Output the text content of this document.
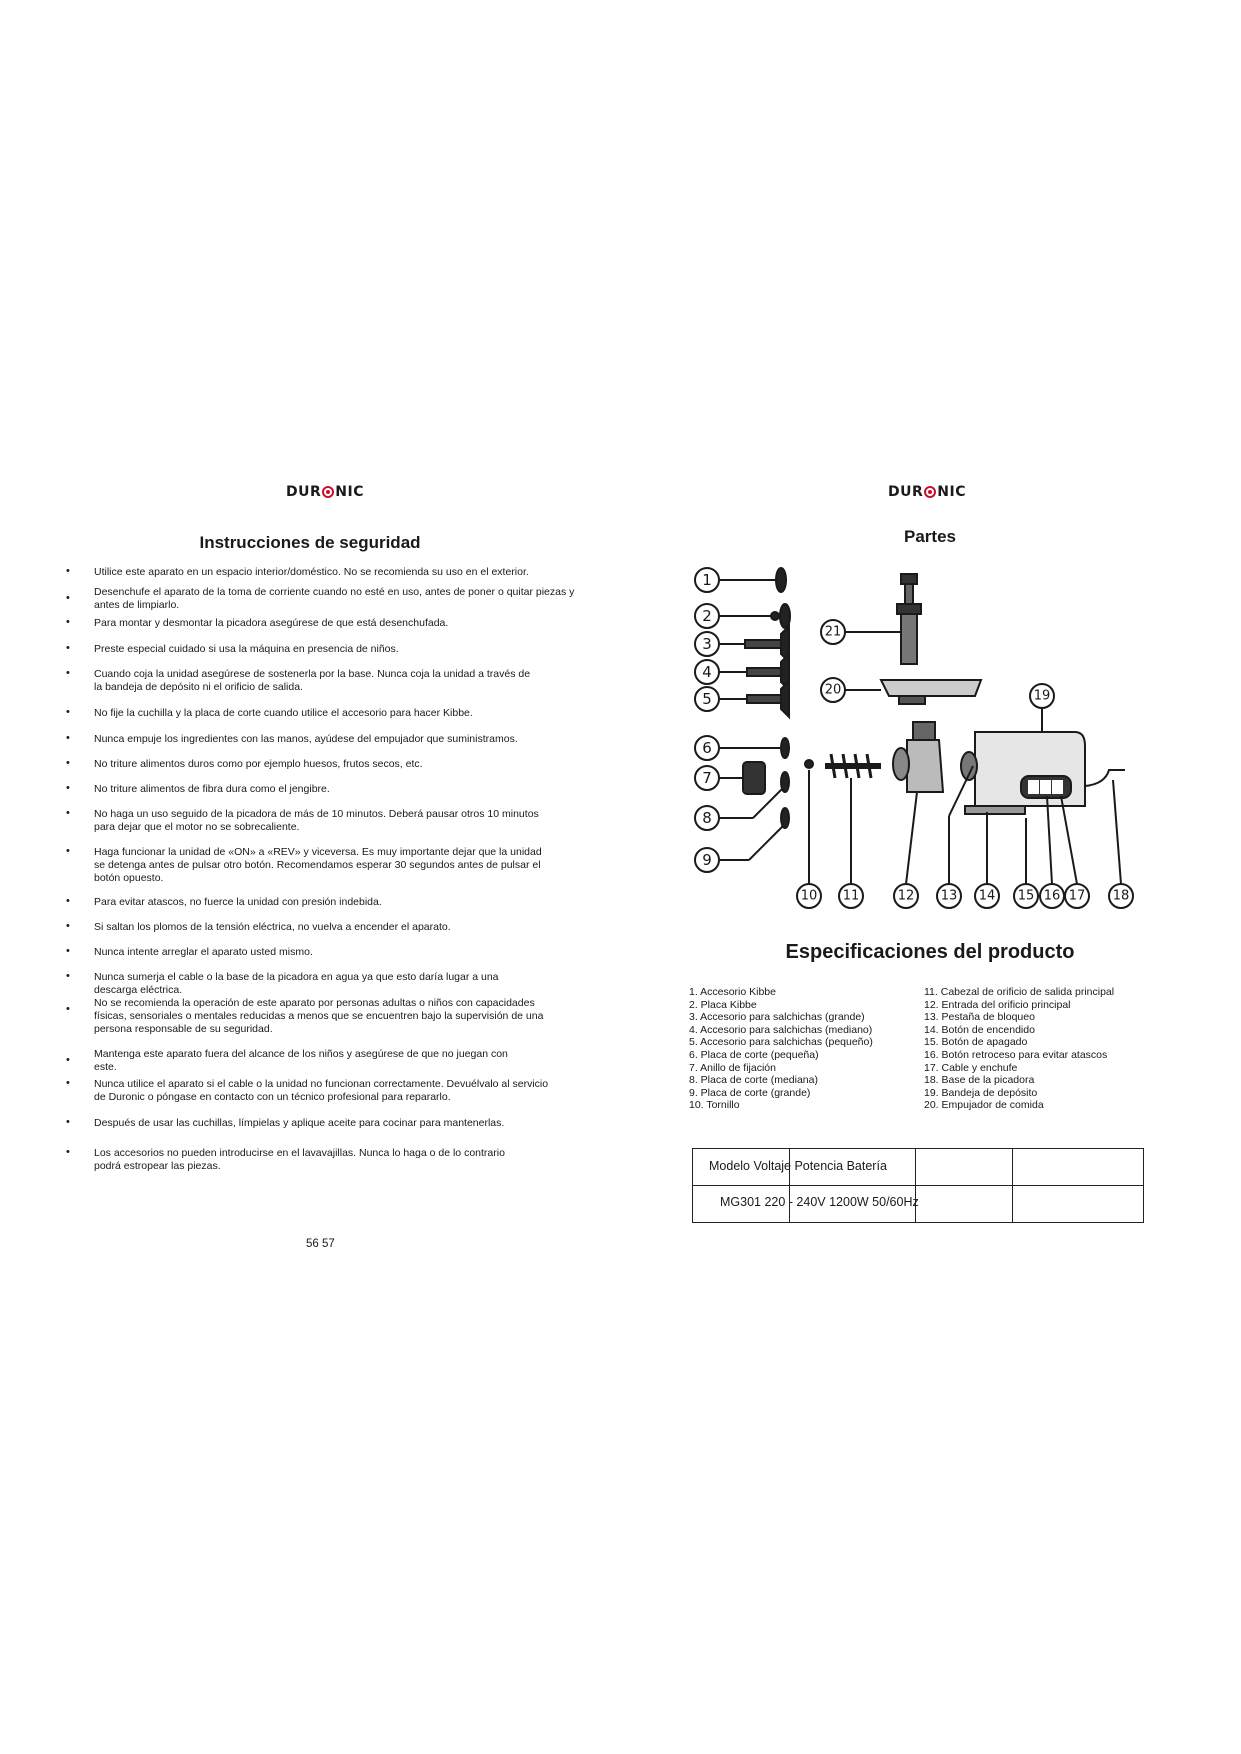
DUR NIC	DUR NIC
Instrucciones de seguridad
• Utilice este aparato en un espacio interior/doméstico. No se recomienda su uso en el exterior.
• Desenchufe el aparato de la toma de corriente cuando no esté en uso, antes de poner o quitar piezas y antes de limpiarlo.
• Para montar y desmontar la picadora asegúrese de que está desenchufada.
• Preste especial cuidado si usa la máquina en presencia de niños.
• Cuando coja la unidad asegúrese de sostenerla por la base. Nunca coja la unidad a través de la bandeja de depósito ni el orificio de salida.
• No fije la cuchilla y la placa de corte cuando utilice el accesorio para hacer Kibbe.
• Nunca empuje los ingredientes con las manos, ayúdese del empujador que suministramos.
• No triture alimentos duros como por ejemplo huesos, frutos secos, etc.
• No triture alimentos de fibra dura como el jengibre.
• No haga un uso seguido de la picadora de más de 10 minutos. Deberá pausar otros 10 minutos para dejar que el motor no se sobrecaliente.
• Haga funcionar la unidad de «ON» a «REV» y viceversa. Es muy importante dejar que la unidad se detenga antes de pulsar otro botón. Recomendamos esperar 30 segundos antes de pulsar el botón opuesto.
• Para evitar atascos, no fuerce la unidad con presión indebida.
• Si saltan los plomos de la tensión eléctrica, no vuelva a encender el aparato.
• Nunca intente arreglar el aparato usted mismo.
• Nunca sumerja el cable o la base de la picadora en agua ya que esto daría lugar a una descarga eléctrica.
• No se recomienda la operación de este aparato por personas adultas o niños con capacidades físicas, sensoriales o mentales reducidas a menos que se encuentren bajo la supervisión de una persona responsable de su seguridad.
• Mantenga este aparato fuera del alcance de los niños y asegúrese de que no juegan con este.
• Nunca utilice el aparato si el cable o la unidad no funcionan correctamente. Devuélvalo al servicio de Duronic o póngase en contacto con un técnico profesional para repararlo.
• Después de usar las cuchillas, límpielas y aplique aceite para cocinar para mantenerlas.
• Los accesorios no pueden introducirse en el lavavajillas. Nunca lo haga o de lo contrario podrá estropear las piezas.
56 57
Partes
1
2
3
4
5
6
7
8
9
10 11	12 13 14 15 16 17 18
19
20
21
Especificaciones del producto
1. Accesorio Kibbe
2. Placa Kibbe
3. Accesorio para salchichas (grande)
4. Accesorio para salchichas (mediano)
5. Accesorio para salchichas (pequeño)
6. Placa de corte (pequeña)
7. Anillo de fijación
8. Placa de corte (mediana)
9. Placa de corte (grande)
10. Tornillo
11. Cabezal de orificio de salida principal
12. Entrada del orificio principal
13. Pestaña de bloqueo
14. Botón de encendido
15. Botón de apagado
16. Botón retroceso para evitar atascos
17. Cable y enchufe
18. Base de la picadora
19. Bandeja de depósito
20. Empujador de comida

Modelo Voltaje Potencia Batería
MG301 220 - 240V 1200W 50/60Hz
